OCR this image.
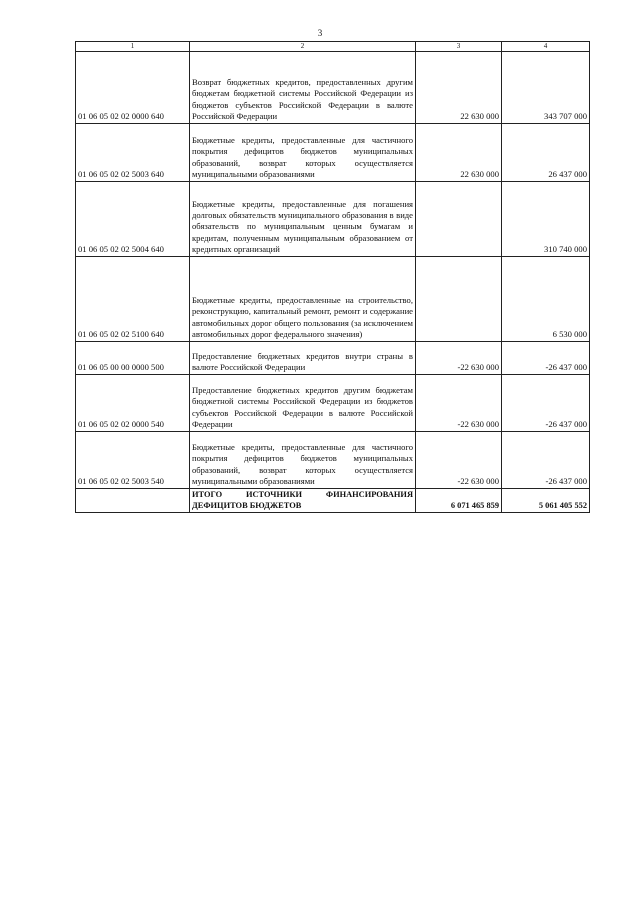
3
1	2	3	4
01 06 05 02 02 0000 640	Возврат бюджетных кредитов, предоставленных другим бюджетам бюджетной системы Российской Федерации из бюджетов субъектов Российской Федерации в валюте Российской Федерации	22 630 000	343 707 000
01 06 05 02 02 5003 640	Бюджетные кредиты, предоставленные для частичного покрытия дефицитов бюджетов муниципальных образований, возврат которых осуществляется муниципальными образованиями	22 630 000	26 437 000
01 06 05 02 02 5004 640	Бюджетные кредиты, предоставленные для погашения долговых обязательств муниципального образования в виде обязательств по муниципальным ценным бумагам и кредитам, полученным муниципальным образованием от кредитных организаций		310 740 000
01 06 05 02 02 5100 640	Бюджетные кредиты, предоставленные на строительство, реконструкцию, капитальный ремонт, ремонт и содержание автомобильных дорог общего пользования (за исключением автомобильных дорог федерального значения)		6 530 000
01 06 05 00 00 0000 500	Предоставление бюджетных кредитов внутри страны в валюте Российской Федерации	-22 630 000	-26 437 000
01 06 05 02 02 0000 540	Предоставление бюджетных кредитов другим бюджетам бюджетной системы Российской Федерации из бюджетов субъектов Российской Федерации в валюте Российской Федерации	-22 630 000	-26 437 000
01 06 05 02 02 5003 540	Бюджетные кредиты, предоставленные для частичного покрытия дефицитов бюджетов муниципальных образований, возврат которых осуществляется муниципальными образованиями	-22 630 000	-26 437 000
	ИТОГО ИСТОЧНИКИ ФИНАНСИРОВАНИЯ ДЕФИЦИТОВ БЮДЖЕТОВ	6 071 465 859	5 061 405 552
